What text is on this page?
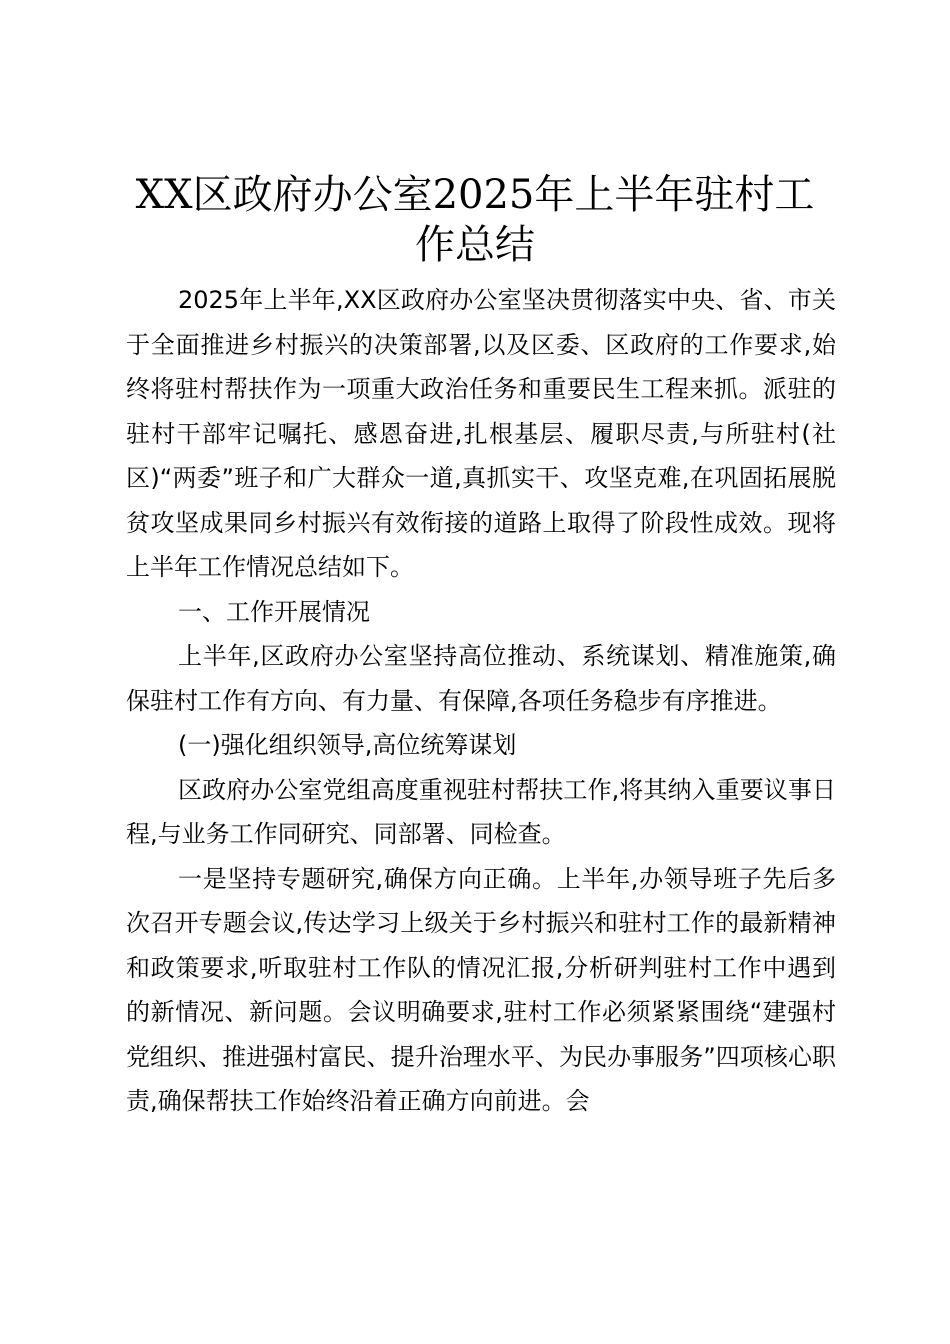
XX区政府办公室2025年上半年驻村工
作总结

2025年上半年,XX区政府办公室坚决贯彻落实中央、省、市关于全面推进乡村振兴的决策部署,以及区委、区政府的工作要求,始终将驻村帮扶作为一项重大政治任务和重要民生工程来抓。派驻的驻村干部牢记嘱托、感恩奋进,扎根基层、履职尽责,与所驻村(社区)“两委”班子和广大群众一道,真抓实干、攻坚克难,在巩固拓展脱贫攻坚成果同乡村振兴有效衔接的道路上取得了阶段性成效。现将上半年工作情况总结如下。

一、工作开展情况

上半年,区政府办公室坚持高位推动、系统谋划、精准施策,确保驻村工作有方向、有力量、有保障,各项任务稳步有序推进。

(一)强化组织领导,高位统筹谋划

区政府办公室党组高度重视驻村帮扶工作,将其纳入重要议事日程,与业务工作同研究、同部署、同检查。

一是坚持专题研究,确保方向正确。上半年,办领导班子先后多次召开专题会议,传达学习上级关于乡村振兴和驻村工作的最新精神和政策要求,听取驻村工作队的情况汇报,分析研判驻村工作中遇到的新情况、新问题。会议明确要求,驻村工作必须紧紧围绕“建强村党组织、推进强村富民、提升治理水平、为民办事服务”四项核心职责,确保帮扶工作始终沿着正确方向前进。会
